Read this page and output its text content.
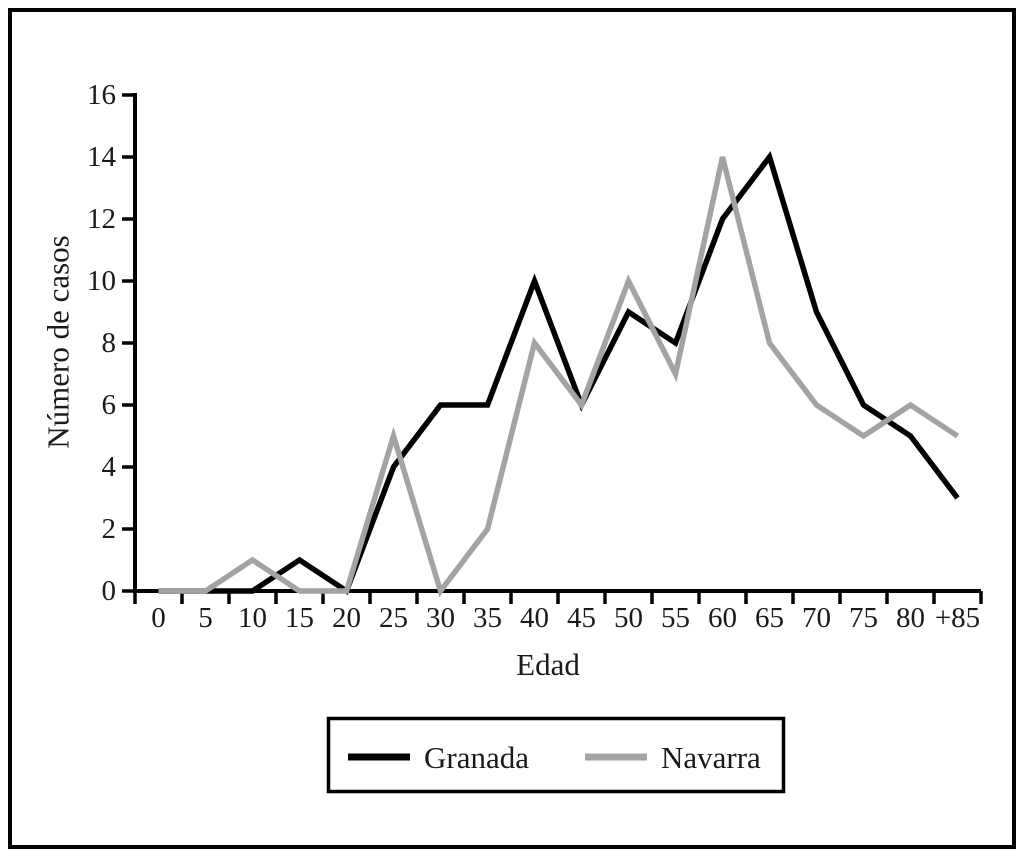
0
2
4
6
8
10
12
14
16
0 5 10 15 20 25 30 35 40 45 50 55 60 65 70 75 80 +85
Número de casos
Edad
Granada	Navarra
